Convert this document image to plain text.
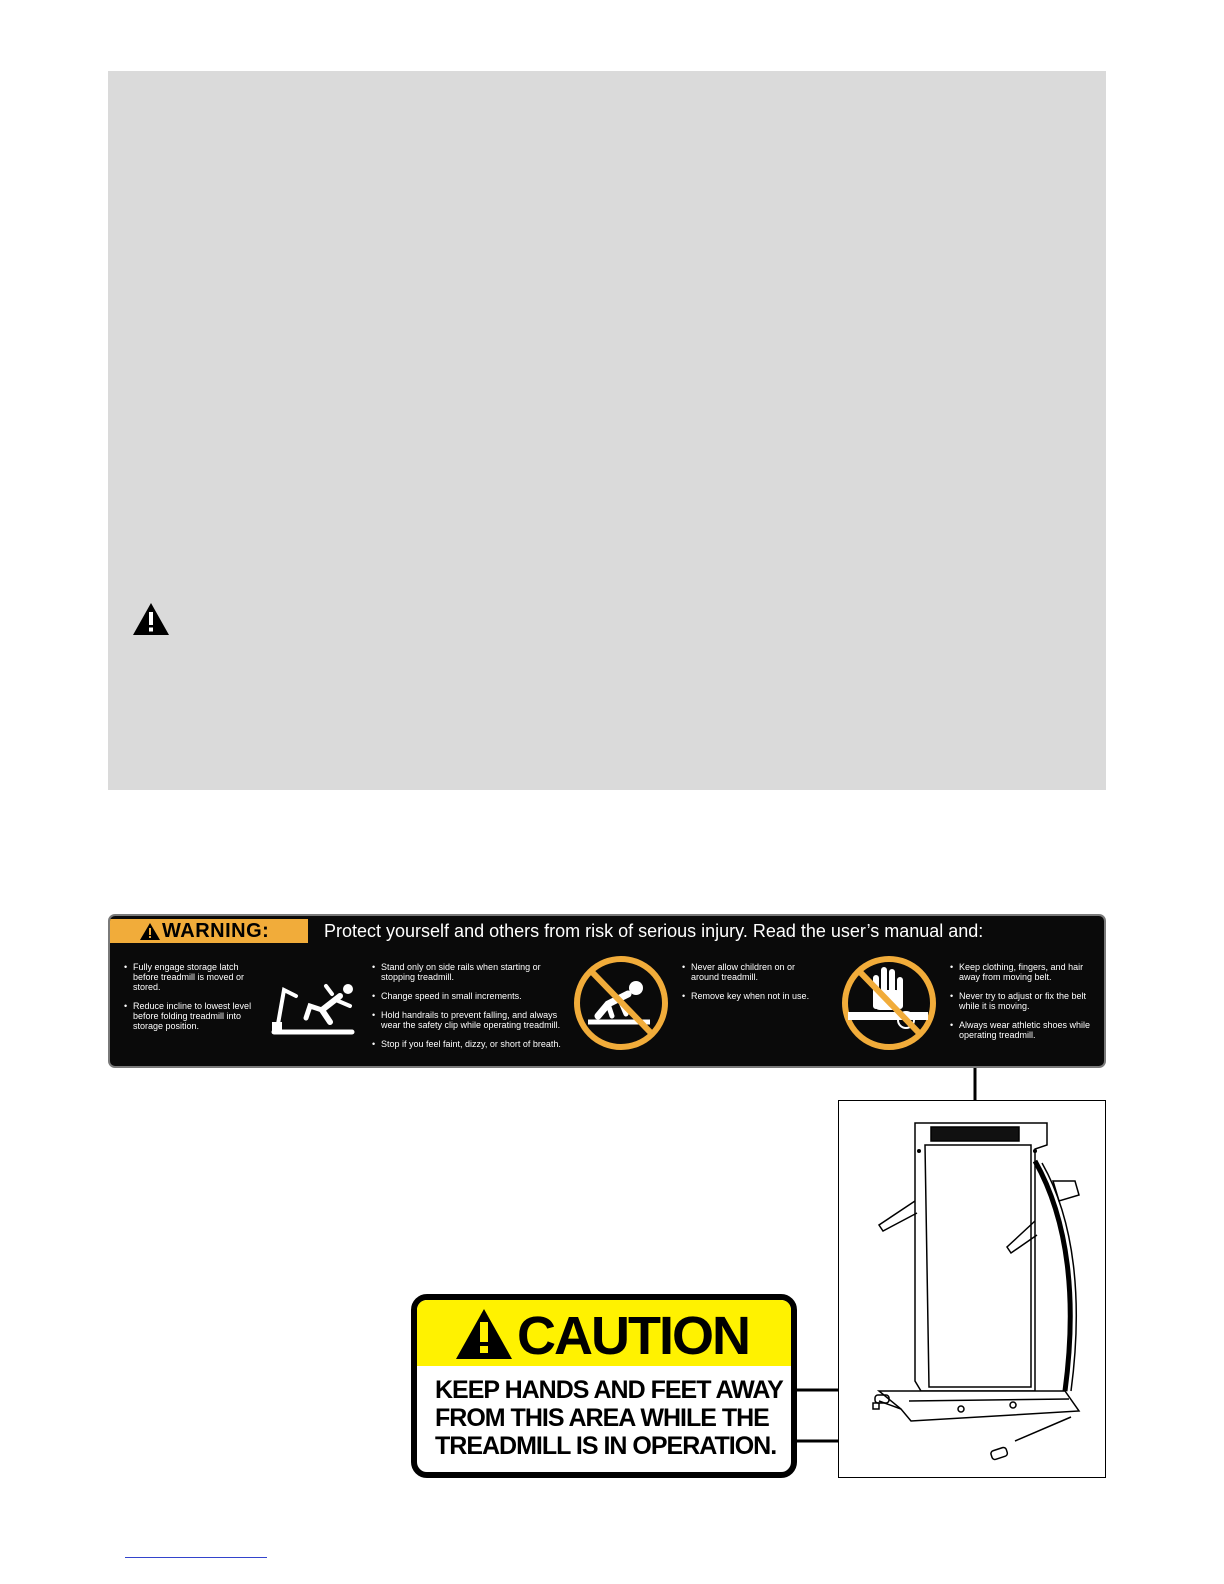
WARNING:	Protect yourself and others from risk of serious injury. Read the user’s manual and:
• Fully engage storage latch before treadmill is moved or stored.
• Reduce incline to lowest level before folding treadmill into storage position.
• Stand only on side rails when starting or stopping treadmill.
• Change speed in small increments.
• Hold handrails to prevent falling, and always wear the safety clip while operating treadmill.
• Stop if you feel faint, dizzy, or short of breath.
• Never allow children on or around treadmill.
• Remove key when not in use.
• Keep clothing, fingers, and hair away from moving belt.
• Never try to adjust or fix the belt while it is moving.
• Always wear athletic shoes while operating treadmill.
CAUTION
KEEP HANDS AND FEET AWAY
FROM THIS AREA WHILE THE
TREADMILL IS IN OPERATION.
